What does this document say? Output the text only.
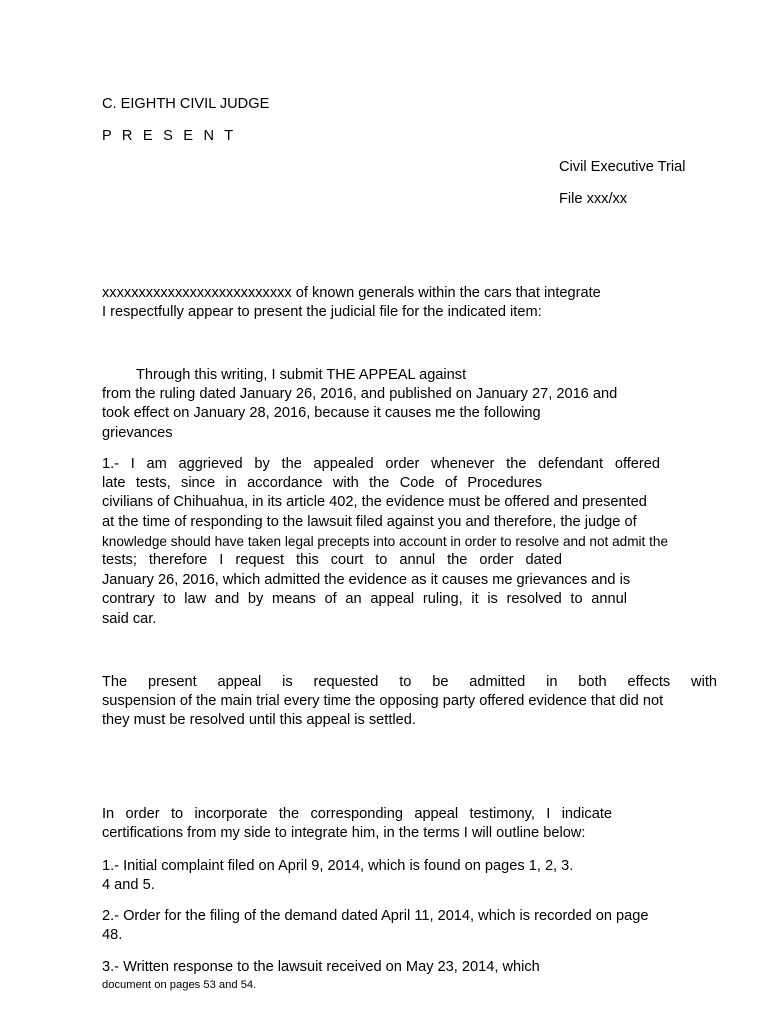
C. EIGHTH CIVIL JUDGE
P R E S E N T
Civil Executive Trial
File xxx/xx
xxxxxxxxxxxxxxxxxxxxxxxxxx of known generals within the cars that integrate
I respectfully appear to present the judicial file for the indicated item:
Through this writing, I submit THE APPEAL against
from the ruling dated January 26, 2016, and published on January 27, 2016 and
took effect on January 28, 2016, because it causes me the following
grievances
1.- I am aggrieved by the appealed order whenever the defendant offered
late tests, since in accordance with the Code of Procedures
civilians of Chihuahua, in its article 402, the evidence must be offered and presented
at the time of responding to the lawsuit filed against you and therefore, the judge of
knowledge should have taken legal precepts into account in order to resolve and not admit the
tests; therefore I request this court to annul the order dated
January 26, 2016, which admitted the evidence as it causes me grievances and is
contrary to law and by means of an appeal ruling, it is resolved to annul
said car.
The present appeal is requested to be admitted in both effects with
suspension of the main trial every time the opposing party offered evidence that did not
they must be resolved until this appeal is settled.
In order to incorporate the corresponding appeal testimony, I indicate
certifications from my side to integrate him, in the terms I will outline below:
1.- Initial complaint filed on April 9, 2014, which is found on pages 1, 2, 3.
4 and 5.
2.- Order for the filing of the demand dated April 11, 2014, which is recorded on page
48.
3.- Written response to the lawsuit received on May 23, 2014, which
document on pages 53 and 54.
